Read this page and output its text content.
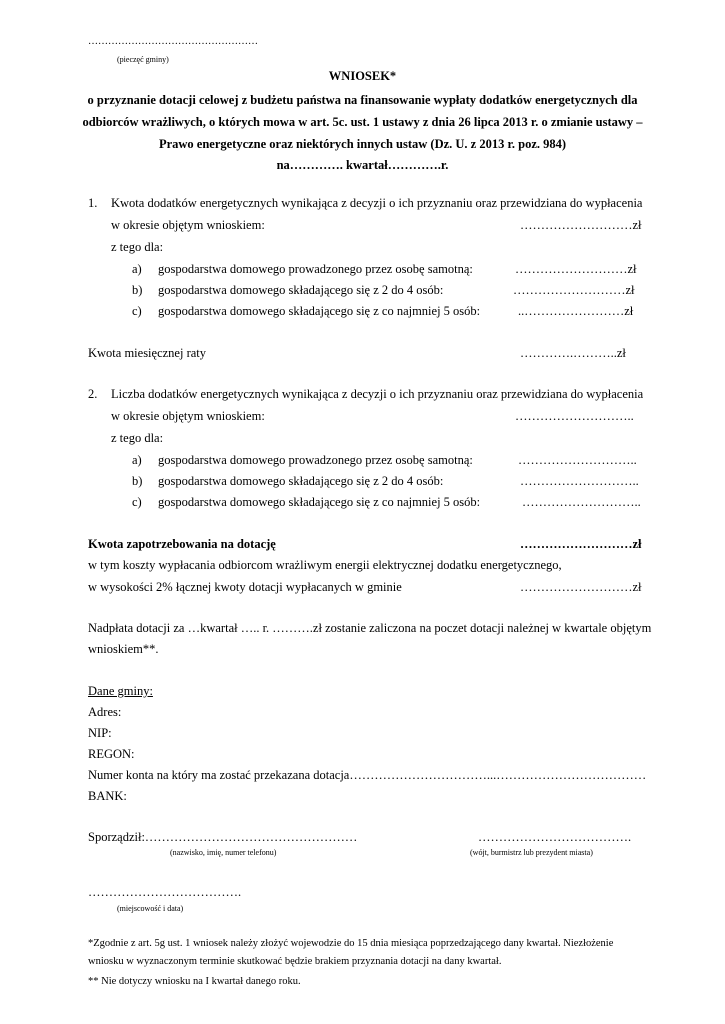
……………………………………………
(pieczęć gminy)
WNIOSEK*
o przyznanie dotacji celowej z budżetu państwa na finansowanie wypłaty dodatków energetycznych dla
odbiorców wrażliwych, o których mowa w art. 5c. ust. 1 ustawy z dnia 26 lipca 2013 r. o zmianie ustawy –
Prawo energetyczne oraz niektórych innych ustaw (Dz. U. z 2013 r. poz. 984)
na…………. kwartał………….r.
1. Kwota dodatków energetycznych wynikająca z decyzji o ich przyznaniu oraz przewidziana do wypłacenia
w okresie objętym wnioskiem:	………………………zł
z tego dla:
a) gospodarstwa domowego prowadzonego przez osobę samotną:	………………………zł
b) gospodarstwa domowego składającego się z 2 do 4 osób:	………………………zł
c) gospodarstwa domowego składającego się z co najmniej 5 osób:	..……………………zł
Kwota miesięcznej raty	………….………..zł
2. Liczba dodatków energetycznych wynikająca z decyzji o ich przyznaniu oraz przewidziana do wypłacenia
w okresie objętym wnioskiem:	………………………..
z tego dla:
a) gospodarstwa domowego prowadzonego przez osobę samotną:	………………………..
b) gospodarstwa domowego składającego się z 2 do 4 osób:	………………………..
c) gospodarstwa domowego składającego się z co najmniej 5 osób:	………………………..
Kwota zapotrzebowania na dotację	………………………zł
w tym koszty wypłacania odbiorcom wrażliwym energii elektrycznej dodatku energetycznego,
w wysokości 2% łącznej kwoty dotacji wypłacanych w gminie	………………………zł
Nadpłata dotacji za …kwartał ….. r. ……….zł zostanie zaliczona na poczet dotacji należnej w kwartale objętym
wnioskiem**.
Dane gminy:
Adres:
NIP:
REGON:
Numer konta na który ma zostać przekazana dotacja……………………………...………………………………
BANK:
Sporządził:……………………………………………
(nazwisko, imię, numer telefonu)
……………………………….
(wójt, burmistrz lub prezydent miasta)
……………………………….
(miejscowość i data)
*Zgodnie z art. 5g ust. 1 wniosek należy złożyć wojewodzie do 15 dnia miesiąca poprzedzającego dany kwartał. Niezłożenie
wniosku w wyznaczonym terminie skutkować będzie brakiem przyznania dotacji na dany kwartał.
** Nie dotyczy wniosku na I kwartał danego roku.
